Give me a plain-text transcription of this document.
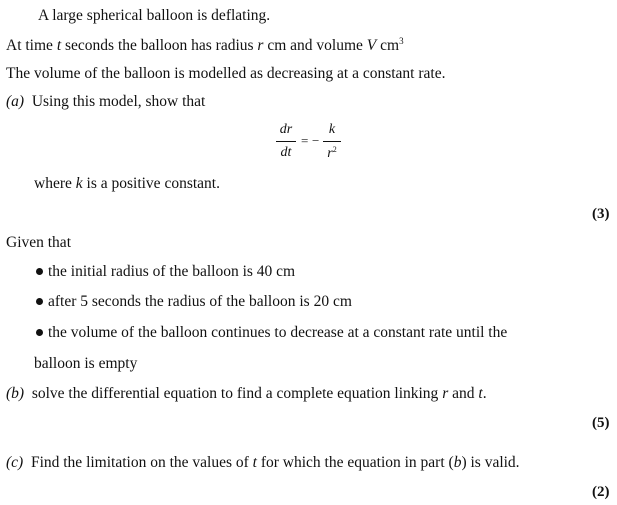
A large spherical balloon is deflating.
At time t seconds the balloon has radius r cm and volume V $cm^3$
The volume of the balloon is modelled as decreasing at a constant rate.
(a) Using this model, show that
dr
dt
= −
k
$r^2$
where k is a positive constant.
(3)
Given that
the initial radius of the balloon is 40 cm
after 5 seconds the radius of the balloon is 20 cm
the volume of the balloon continues to decrease at a constant rate until the
balloon is empty
(b) solve the differential equation to find a complete equation linking r and t.
(5)
(c) Find the limitation on the values of t for which the equation in part (b) is valid.
(2)
